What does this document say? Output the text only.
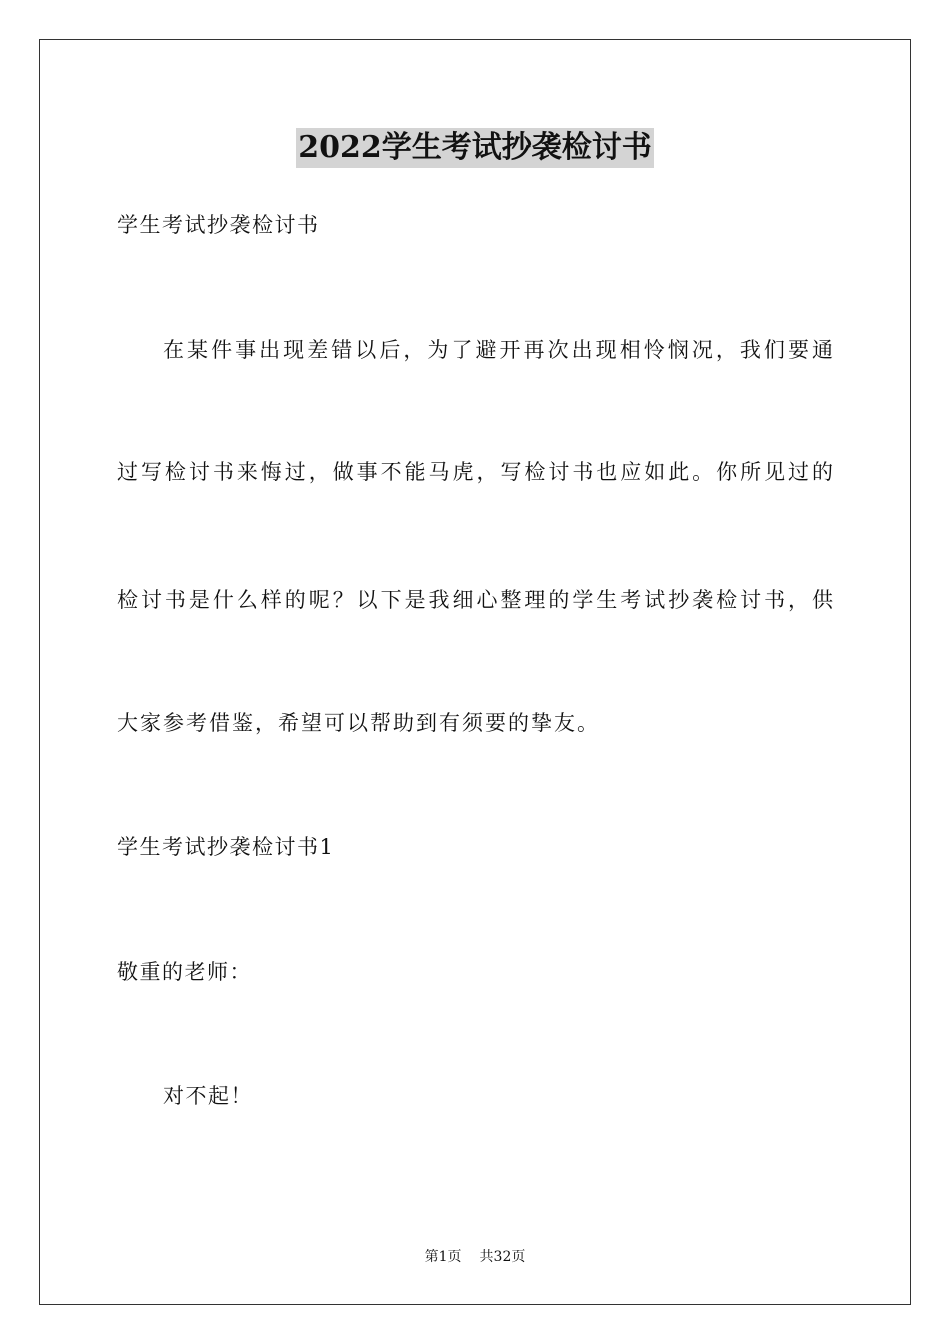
2022学生考试抄袭检讨书
学生考试抄袭检讨书
在某件事出现差错以后，为了避开再次出现相怜悯况，我们要通
过写检讨书来悔过，做事不能马虎，写检讨书也应如此。你所见过的
检讨书是什么样的呢？以下是我细心整理的学生考试抄袭检讨书，供
大家参考借鉴，希望可以帮助到有须要的挚友。
学生考试抄袭检讨书1
敬重的老师：
对不起！
第1页 共32页
